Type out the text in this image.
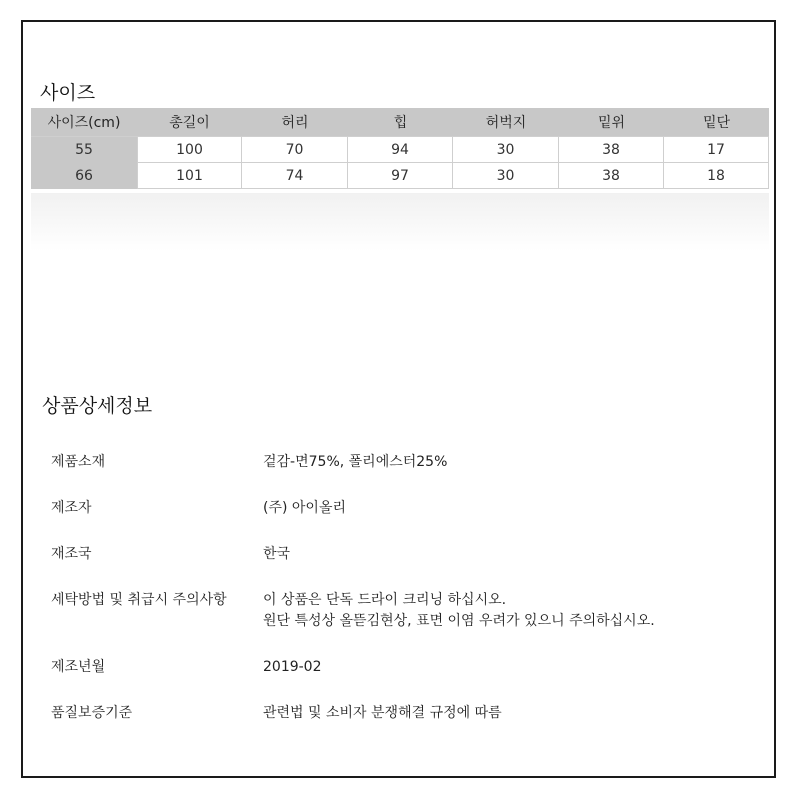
사이즈
사이즈(cm)	총길이	허리	힙	허벅지	밑위	밑단
55	100	70	94	30	38	17
66	101	74	97	30	38	18
상품상세정보
제품소재	겉감-면75%, 폴리에스터25%
제조자	(주) 아이올리
재조국	한국
세탁방법 및 취급시 주의사항	이 상품은 단독 드라이 크리닝 하십시오.
원단 특성상 올뜯김현상, 표면 이염 우려가 있으니 주의하십시오.
제조년월	2019-02
품질보증기준	관련법 및 소비자 분쟁해결 규정에 따름
